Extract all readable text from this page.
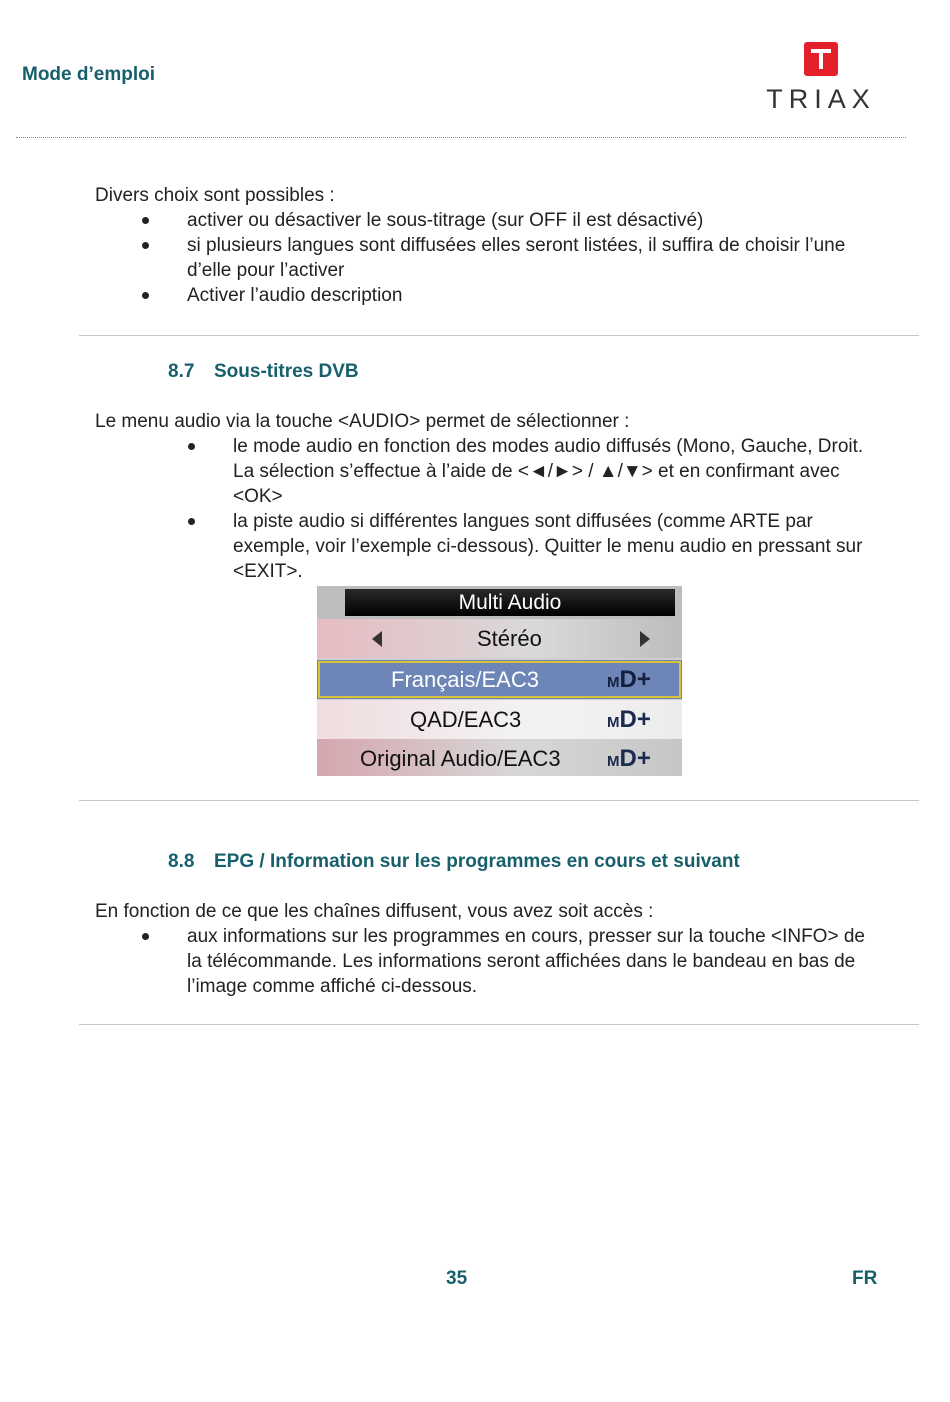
Mode d’emploi
TRIAX
Divers choix sont possibles :
activer ou désactiver le sous-titrage (sur OFF il est désactivé)
si plusieurs langues sont diffusées elles seront listées, il suffira de choisir l’une
d’elle pour l’activer
Activer l’audio description
8.7 Sous-titres DVB
Le menu audio via la touche <AUDIO> permet de sélectionner :
le mode audio en fonction des modes audio diffusés (Mono, Gauche, Droit.
La sélection s’effectue à l’aide de <◄/►> / ▲/▼> et en confirmant avec
<OK>
la piste audio si différentes langues sont diffusées (comme ARTE par
exemple, voir l’exemple ci-dessous). Quitter le menu audio en pressant sur
<EXIT>.
Multi Audio
Stéréo
Français/EAC3	MD+
QAD/EAC3	MD+
Original Audio/EAC3	MD+
8.8 EPG / Information sur les programmes en cours et suivant
En fonction de ce que les chaînes diffusent, vous avez soit accès :
aux informations sur les programmes en cours, presser sur la touche <INFO> de
la télécommande. Les informations seront affichées dans le bandeau en bas de
l’image comme affiché ci-dessous.
35	FR
